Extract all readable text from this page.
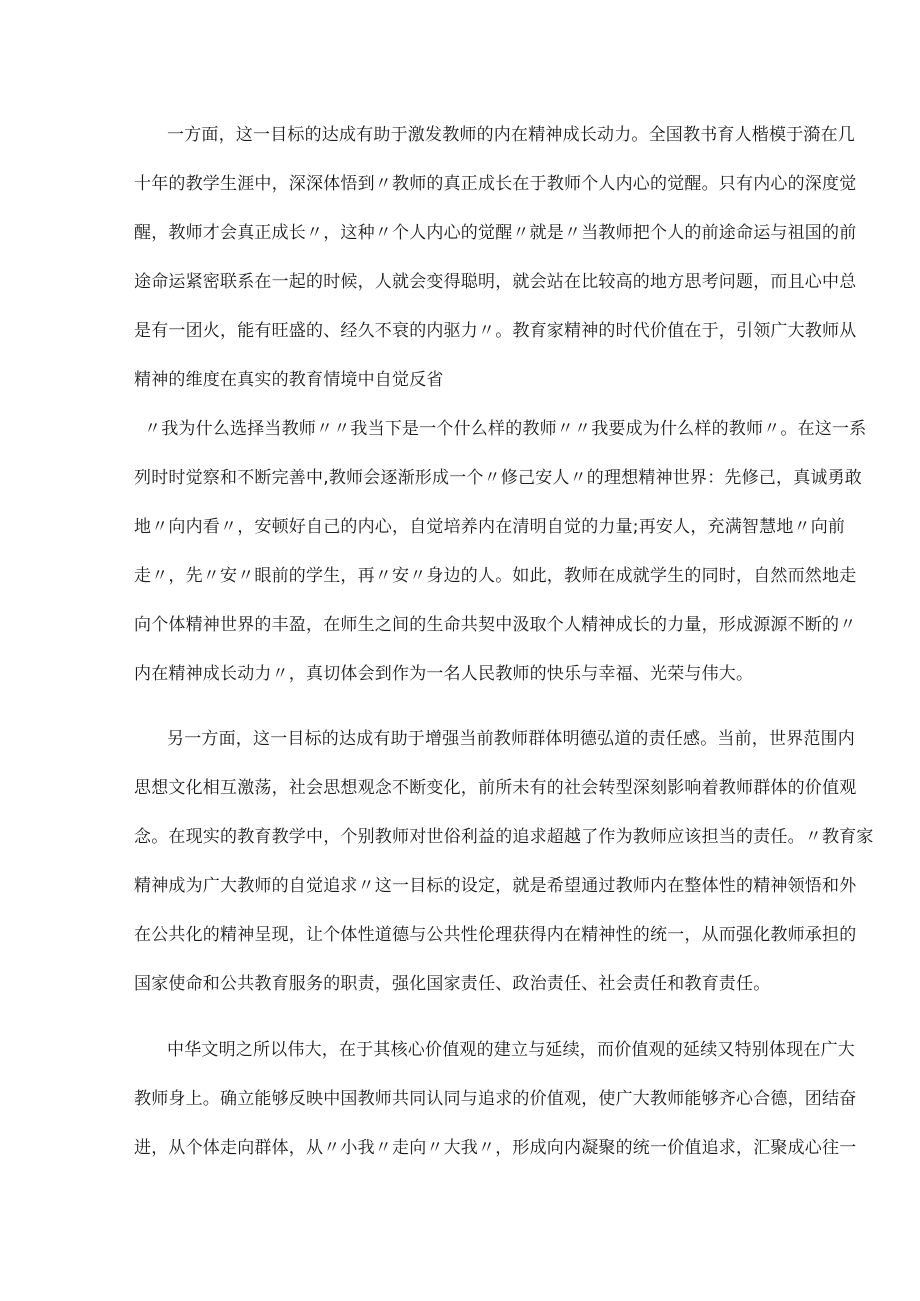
一方面，这一目标的达成有助于激发教师的内在精神成长动力。全国教书育人楷模于漪在几
十年的教学生涯中，深深体悟到〃教师的真正成长在于教师个人内心的觉醒。只有内心的深度觉
醒，教师才会真正成长〃，这种〃个人内心的觉醒〃就是〃当教师把个人的前途命运与祖国的前
途命运紧密联系在一起的时候，人就会变得聪明，就会站在比较高的地方思考问题，而且心中总
是有一团火，能有旺盛的、经久不衰的内驱力〃。教育家精神的时代价值在于，引领广大教师从
精神的维度在真实的教育情境中自觉反省
〃我为什么选择当教师〃〃我当下是一个什么样的教师〃〃我要成为什么样的教师〃。在这一系
列时时觉察和不断完善中,教师会逐渐形成一个〃修己安人〃的理想精神世界：先修己，真诚勇敢
地〃向内看〃，安顿好自己的内心，自觉培养内在清明自觉的力量;再安人，充满智慧地〃向前
走〃，先〃安〃眼前的学生，再〃安〃身边的人。如此，教师在成就学生的同时，自然而然地走
向个体精神世界的丰盈，在师生之间的生命共契中汲取个人精神成长的力量，形成源源不断的〃
内在精神成长动力〃，真切体会到作为一名人民教师的快乐与幸福、光荣与伟大。
另一方面，这一目标的达成有助于增强当前教师群体明德弘道的责任感。当前，世界范围内
思想文化相互激荡，社会思想观念不断变化，前所未有的社会转型深刻影响着教师群体的价值观
念。在现实的教育教学中，个别教师对世俗利益的追求超越了作为教师应该担当的责任。〃教育家
精神成为广大教师的自觉追求〃这一目标的设定，就是希望通过教师内在整体性的精神领悟和外
在公共化的精神呈现，让个体性道德与公共性伦理获得内在精神性的统一，从而强化教师承担的
国家使命和公共教育服务的职责，强化国家责任、政治责任、社会责任和教育责任。
中华文明之所以伟大，在于其核心价值观的建立与延续，而价值观的延续又特别体现在广大
教师身上。确立能够反映中国教师共同认同与追求的价值观，使广大教师能够齐心合德，团结奋
进，从个体走向群体，从〃小我〃走向〃大我〃，形成向内凝聚的统一价值追求，汇聚成心往一
